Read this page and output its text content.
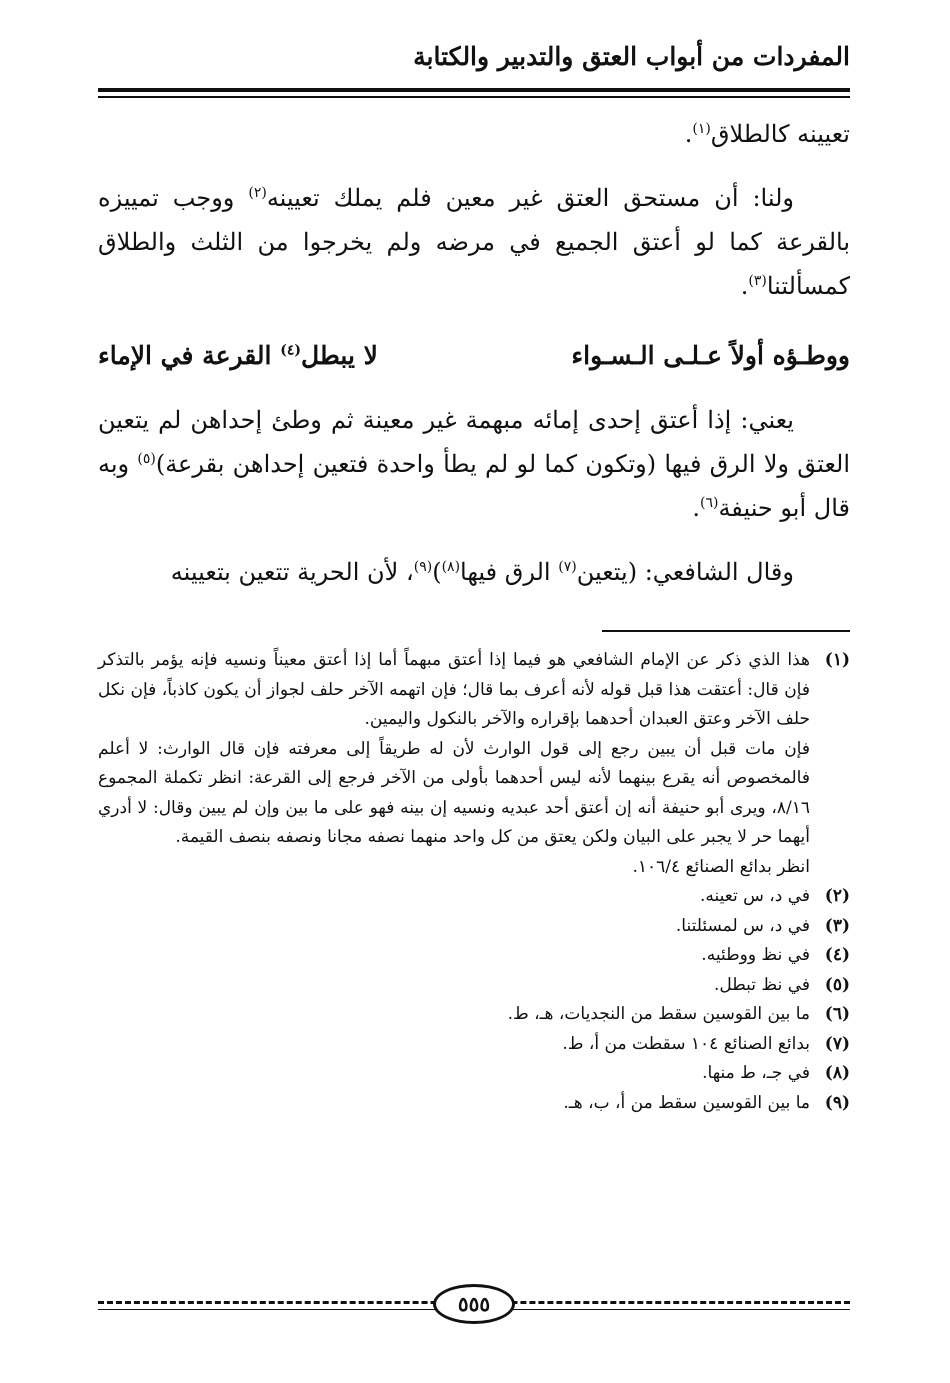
المفردات من أبواب العتق والتدبير والكتابة

تعيينه كالطلاق$^{(١)}$.

ولنا: أن مستحق العتق غير معين فلم يملك تعيينه$^{(٢)}$ ووجب تمييزه بالقرعة كما لو أعتق الجميع في مرضه ولم يخرجوا من الثلث والطلاق كمسألتنا$^{(٣)}$.

ووطـؤه أولاً عـلـى الـسـواء
لا يبطل$^{(٤)}$ القرعة في الإماء

يعني: إذا أعتق إحدى إمائه مبهمة غير معينة ثم وطئ إحداهن لم يتعين العتق ولا الرق فيها (وتكون كما لو لم يطأ واحدة فتعين إحداهن بقرعة)$^{(٥)}$ وبه قال أبو حنيفة$^{(٦)}$.

وقال الشافعي: (يتعين$^{(٧)}$ الرق فيها$^{(٨)}$)$^{(٩)}$، لأن الحرية تتعين بتعيينه

(١)
هذا الذي ذكر عن الإمام الشافعي هو فيما إذا أعتق مبهماً أما إذا أعتق معيناً ونسيه فإنه يؤمر بالتذكر فإن قال: أعتقت هذا قبل قوله لأنه أعرف بما قال؛ فإن اتهمه الآخر حلف لجواز أن يكون كاذباً، فإن نكل حلف الآخر وعتق العبدان أحدهما بإقراره والآخر بالنكول واليمين.
فإن مات قبل أن يبين رجع إلى قول الوارث لأن له طريقاً إلى معرفته فإن قال الوارث: لا أعلم فالمخصوص أنه يقرع بينهما لأنه ليس أحدهما بأولى من الآخر فرجع إلى القرعة: انظر تكملة المجموع ٨/١٦، ويرى أبو حنيفة أنه إن أعتق أحد عبديه ونسيه إن بينه فهو على ما بين وإن لم يبين وقال: لا أدري أيهما حر لا يجبر على البيان ولكن يعتق من كل واحد منهما نصفه مجانا ونصفه بنصف القيمة.
انظر بدائع الصنائع ١٠٦/٤.
(٢)
في د، س تعينه.
(٣)
في د، س لمسئلتنا.
(٤)
في نظ ووطئيه.
(٥)
في نظ تبطل.
(٦)
ما بين القوسين سقط من النجديات، هـ، ط.
(٧)
بدائع الصنائع ١٠٤ سقطت من أ، ط.
(٨)
في جـ، ط منها.
(٩)
ما بين القوسين سقط من أ، ب، هـ.
٥٥٥
